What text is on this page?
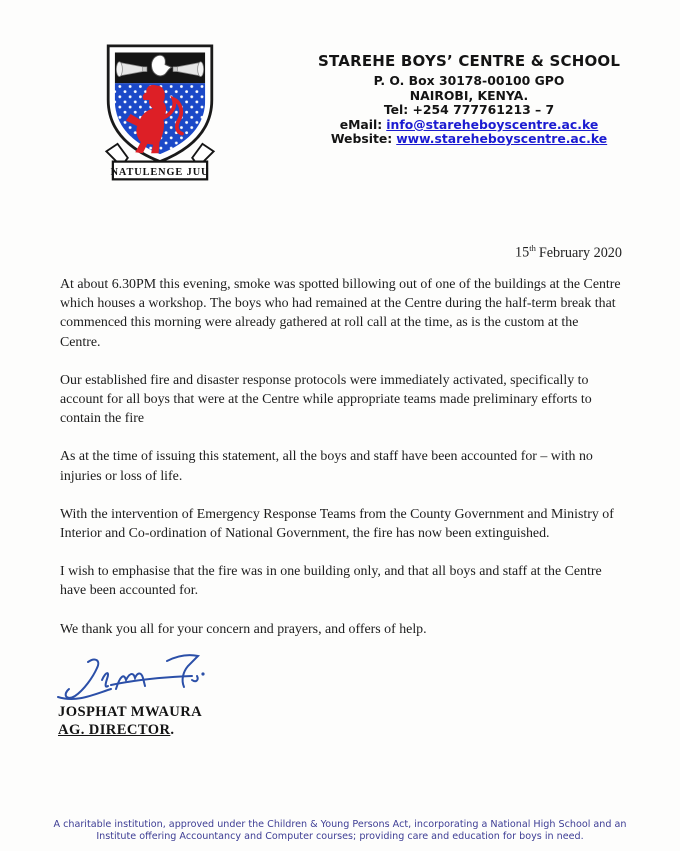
NATULENGE JUU
STAREHE BOYS’ CENTRE & SCHOOL
P. O. Box 30178-00100 GPO
NAIROBI, KENYA.
Tel: +254 777761213 – 7
eMail: info@stareheboyscentre.ac.ke
Website: www.stareheboyscentre.ac.ke
15th February 2020

At about 6.30PM this evening, smoke was spotted billowing out of one of the buildings at the Centre which houses a workshop. The boys who had remained at the Centre during the half-term break that commenced this morning were already gathered at roll call at the time, as is the custom at the Centre.

Our established fire and disaster response protocols were immediately activated, specifically to account for all boys that were at the Centre while appropriate teams made preliminary efforts to contain the fire

As at the time of issuing this statement, all the boys and staff have been accounted for – with no injuries or loss of life.

With the intervention of Emergency Response Teams from the County Government and Ministry of Interior and Co-ordination of National Government, the fire has now been extinguished.

I wish to emphasise that the fire was in one building only, and that all boys and staff at the Centre have been accounted for.

We thank you all for your concern and prayers, and offers of help.

JOSPHAT MWAURA
AG. DIRECTOR.
A charitable institution, approved under the Children & Young Persons Act, incorporating a National High School and an
Institute offering Accountancy and Computer courses; providing care and education for boys in need.
